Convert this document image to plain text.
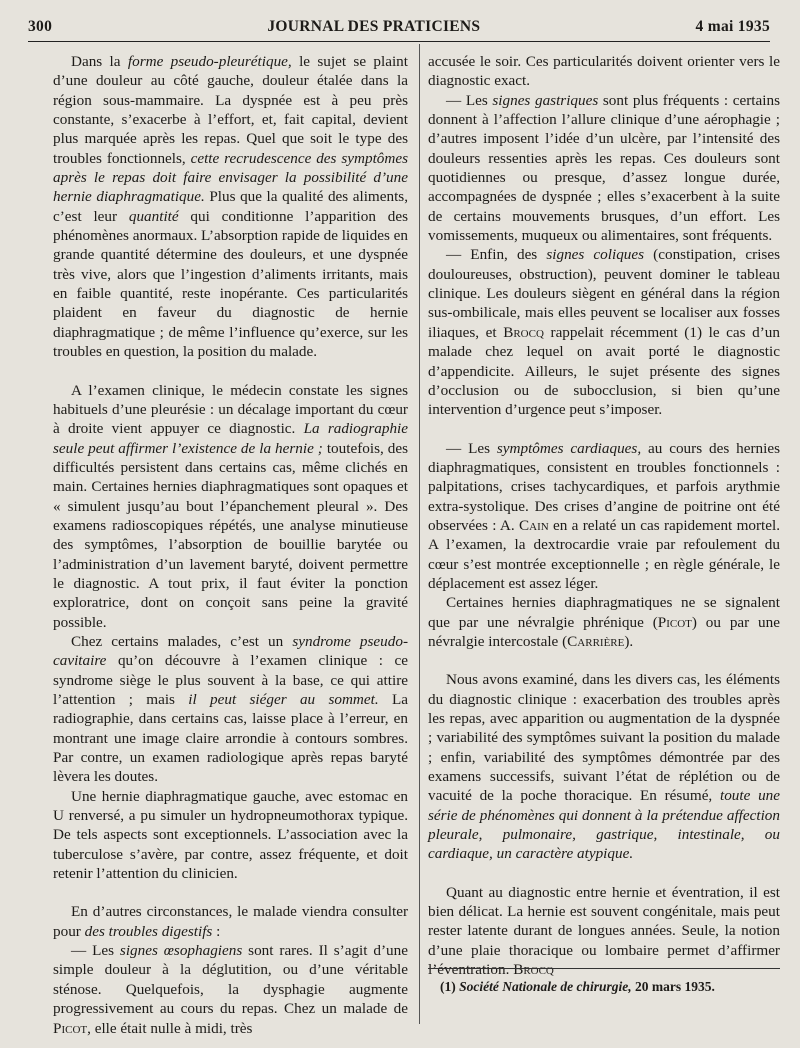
300	JOURNAL DES PRATICIENS	4 mai 1935

Dans la forme pseudo-pleurétique, le sujet se plaint d’une douleur au côté gauche, douleur étalée dans la région sous-mammaire. La dyspnée est à peu près constante, s’exacerbe à l’effort, et, fait capital, devient plus marquée après les repas. Quel que soit le type des troubles fonctionnels, cette recrudescence des symptômes après le repas doit faire envisager la possibilité d’une hernie diaphragmatique. Plus que la qualité des aliments, c’est leur quantité qui conditionne l’apparition des phénomènes anormaux. L’absorption rapide de liquides en grande quantité détermine des douleurs, et une dyspnée très vive, alors que l’ingestion d’aliments irritants, mais en faible quantité, reste inopérante. Ces particularités plaident en faveur du diagnostic de hernie diaphragmatique ; de même l’influence qu’exerce, sur les troubles en question, la position du malade.

A l’examen clinique, le médecin constate les signes habituels d’une pleurésie : un décalage important du cœur à droite vient appuyer ce diagnostic. La radiographie seule peut affirmer l’existence de la hernie ; toutefois, des difficultés persistent dans certains cas, même clichés en main. Certaines hernies diaphragmatiques sont opaques et « simulent jusqu’au bout l’épanchement pleural ». Des examens radioscopiques répétés, une analyse minutieuse des symptômes, l’absorption de bouillie barytée ou l’administration d’un lavement baryté, doivent permettre le diagnostic. A tout prix, il faut éviter la ponction exploratrice, dont on conçoit sans peine la gravité possible.

Chez certains malades, c’est un syndrome pseudo-cavitaire qu’on découvre à l’examen clinique : ce syndrome siège le plus souvent à la base, ce qui attire l’attention ; mais il peut siéger au sommet. La radiographie, dans certains cas, laisse place à l’erreur, en montrant une image claire arrondie à contours sombres. Par contre, un examen radiologique après repas baryté lèvera les doutes.

Une hernie diaphragmatique gauche, avec estomac en U renversé, a pu simuler un hydropneumothorax typique. De tels aspects sont exceptionnels. L’association avec la tuberculose s’avère, par contre, assez fréquente, et doit retenir l’attention du clinicien.

En d’autres circonstances, le malade viendra consulter pour des troubles digestifs :

— Les signes œsophagiens sont rares. Il s’agit d’une simple douleur à la déglutition, ou d’une véritable sténose. Quelquefois, la dysphagie augmente progressivement au cours du repas. Chez un malade de Picot, elle était nulle à midi, très

accusée le soir. Ces particularités doivent orienter vers le diagnostic exact.

— Les signes gastriques sont plus fréquents : certains donnent à l’affection l’allure clinique d’une aérophagie ; d’autres imposent l’idée d’un ulcère, par l’intensité des douleurs ressenties après les repas. Ces douleurs sont quotidiennes ou presque, d’assez longue durée, accompagnées de dyspnée ; elles s’exacerbent à la suite de certains mouvements brusques, d’un effort. Les vomissements, muqueux ou alimentaires, sont fréquents.

— Enfin, des signes coliques (constipation, crises douloureuses, obstruction), peuvent dominer le tableau clinique. Les douleurs siègent en général dans la région sus-ombilicale, mais elles peuvent se localiser aux fosses iliaques, et Brocq rappelait récemment (1) le cas d’un malade chez lequel on avait porté le diagnostic d’appendicite. Ailleurs, le sujet présente des signes d’occlusion ou de subocclusion, si bien qu’une intervention d’urgence peut s’imposer.

— Les symptômes cardiaques, au cours des hernies diaphragmatiques, consistent en troubles fonctionnels : palpitations, crises tachycardiques, et parfois arythmie extra-systolique. Des crises d’angine de poitrine ont été observées : A. Cain en a relaté un cas rapidement mortel. A l’examen, la dextrocardie vraie par refoulement du cœur s’est montrée exceptionnelle ; en règle générale, le déplacement est assez léger.

Certaines hernies diaphragmatiques ne se signalent que par une névralgie phrénique (Picot) ou par une névralgie intercostale (Carrière).

Nous avons examiné, dans les divers cas, les éléments du diagnostic clinique : exacerbation des troubles après les repas, avec apparition ou augmentation de la dyspnée ; variabilité des symptômes suivant la position du malade ; enfin, variabilité des symptômes démontrée par des examens successifs, suivant l’état de réplétion ou de vacuité de la poche thoracique. En résumé, toute une série de phénomènes qui donnent à la prétendue affection pleurale, pulmonaire, gastrique, intestinale, ou cardiaque, un caractère atypique.

Quant au diagnostic entre hernie et éventration, il est bien délicat. La hernie est souvent congénitale, mais peut rester latente durant de longues années. Seule, la notion d’une plaie thoracique ou lombaire permet d’affirmer l’éventration. Brocq

(1) Société Nationale de chirurgie, 20 mars 1935.
